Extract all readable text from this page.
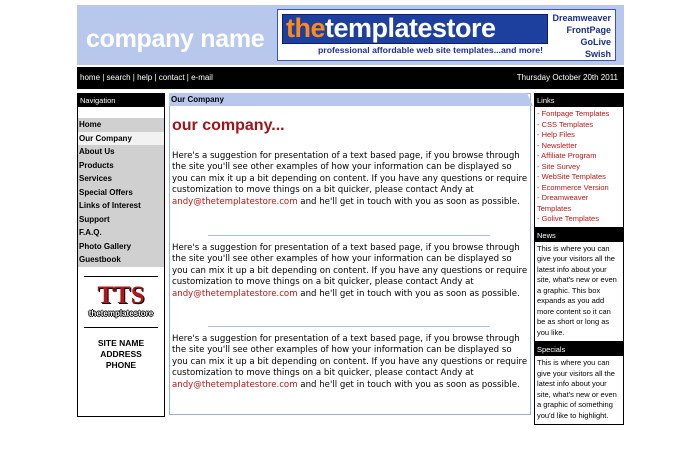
company name thetemplatestore
professional affordable web site templates...and more!
Dreamweaver
FrontPage
GoLive
Swish
home | search | help | contact | e-mail	Thursday October 20th 2011
Navigation
Home
Our Company
About Us
Products
Services
Special Offers
Links of Interest
Support
F.A.Q.
Photo Gallery
Guestbook
TTS
thetemplatestore
SITE NAME
ADDRESS
PHONE
Our Company
our company...
Here's a suggestion for presentation of a text based page, if you browse through the site you'll see other examples of how your information can be displayed so you can mix it up a bit depending on content. If you have any questions or require customization to move things on a bit quicker, please contact Andy at andy@thetemplatestore.com and he'll get in touch with you as soon as possible.
Here's a suggestion for presentation of a text based page, if you browse through the site you'll see other examples of how your information can be displayed so you can mix it up a bit depending on content. If you have any questions or require customization to move things on a bit quicker, please contact Andy at andy@thetemplatestore.com and he'll get in touch with you as soon as possible.
Here's a suggestion for presentation of a text based page, if you browse through the site you'll see other examples of how your information can be displayed so you can mix it up a bit depending on content. If you have any questions or require customization to move things on a bit quicker, please contact Andy at andy@thetemplatestore.com and he'll get in touch with you as soon as possible.
Links
- Fontpage Templates
- CSS Templates
- Help Files
- Newsletter
- Affiliate Program
- Site Survey
- WebSite Templates
- Ecommerce Version
- Dreamweaver Templates
- Golive Templates
News
This is where you can give your visitors all the latest info about your site, what's new or even a graphic. This box expands as you add more content so it can be as short or long as you like.
Specials
This is where you can give your visitors all the latest info about your site, what's new or even a graphic of something you'd like to highlight.
